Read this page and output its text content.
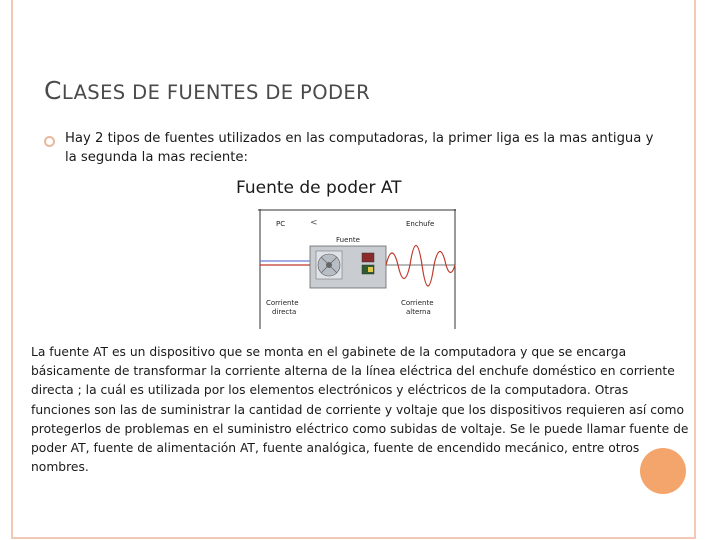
CLASES DE FUENTES DE PODER
Hay 2 tipos de fuentes utilizados en las computadoras, la primer liga es la mas antigua y la segunda la mas reciente:
Fuente de poder AT
PC	<	Enchufe
Fuente
Corriente
directa
Corriente
alterna
La fuente AT es un dispositivo que se monta en el gabinete de la computadora y que se encarga básicamente de transformar la corriente alterna de la línea eléctrica del enchufe doméstico en corriente directa ; la cuál es utilizada por los elementos electrónicos y eléctricos de la computadora. Otras funciones son las de suministrar la cantidad de corriente y voltaje que los dispositivos requieren así como protegerlos de problemas en el suministro eléctrico como subidas de voltaje. Se le puede llamar fuente de poder AT, fuente de alimentación AT, fuente analógica, fuente de encendido mecánico, entre otros nombres.
